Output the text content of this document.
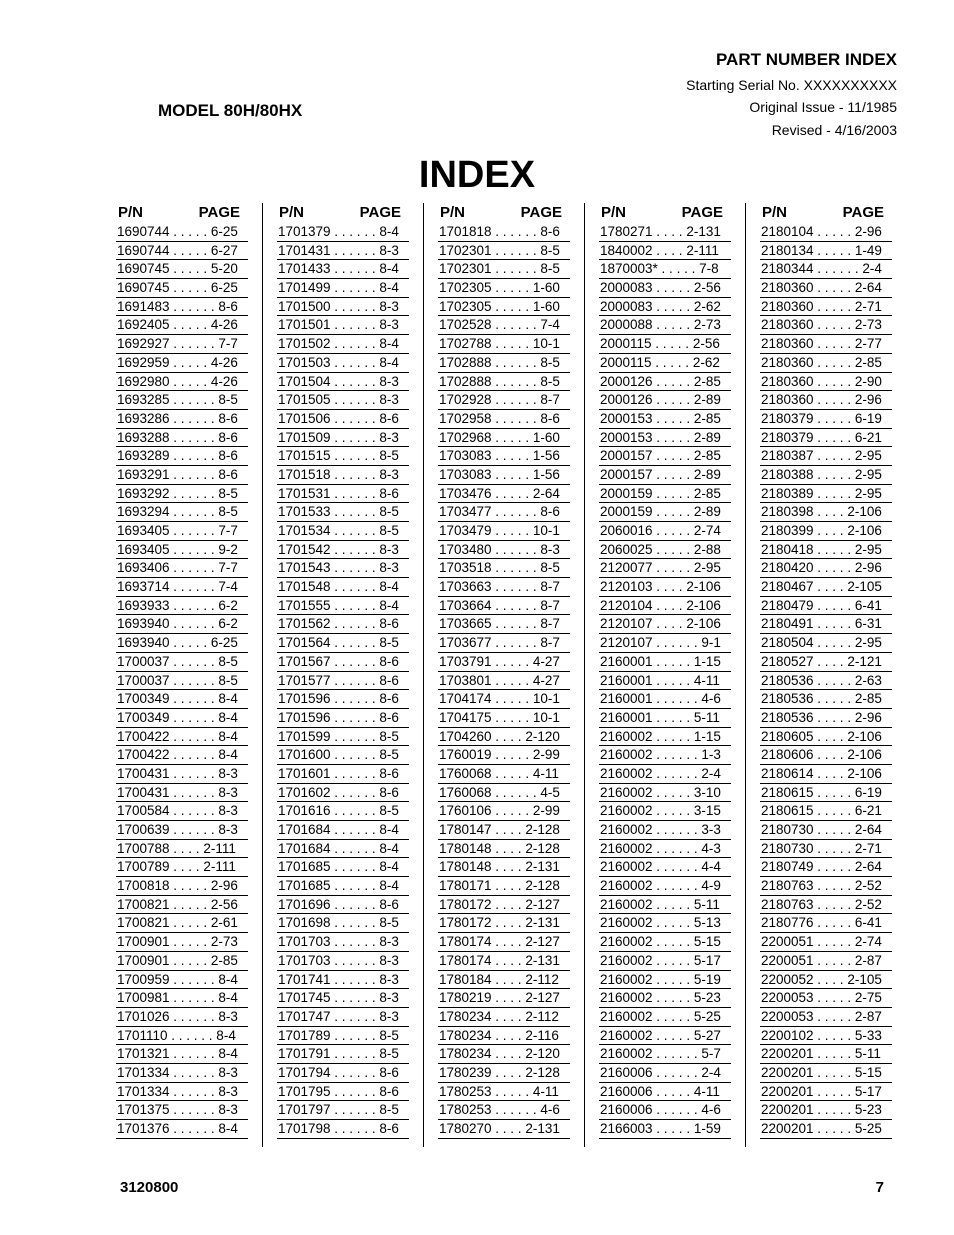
PART NUMBER INDEX
Starting Serial No. XXXXXXXXXX
Original Issue - 11/1985
Revised - 4/16/2003
MODEL 80H/80HX
INDEX
P/N	PAGE
1690744 . . . . . 6-25
1690744 . . . . . 6-27
1690745 . . . . . 5-20
1690745 . . . . . 6-25
1691483 . . . . . . 8-6
1692405 . . . . . 4-26
1692927 . . . . . . 7-7
1692959 . . . . . 4-26
1692980 . . . . . 4-26
1693285 . . . . . . 8-5
1693286 . . . . . . 8-6
1693288 . . . . . . 8-6
1693289 . . . . . . 8-6
1693291 . . . . . . 8-6
1693292 . . . . . . 8-5
1693294 . . . . . . 8-5
1693405 . . . . . . 7-7
1693405 . . . . . . 9-2
1693406 . . . . . . 7-7
1693714 . . . . . . 7-4
1693933 . . . . . . 6-2
1693940 . . . . . . 6-2
1693940 . . . . . 6-25
1700037 . . . . . . 8-5
1700037 . . . . . . 8-5
1700349 . . . . . . 8-4
1700349 . . . . . . 8-4
1700422 . . . . . . 8-4
1700422 . . . . . . 8-4
1700431 . . . . . . 8-3
1700431 . . . . . . 8-3
1700584 . . . . . . 8-3
1700639 . . . . . . 8-3
1700788 . . . . 2-111
1700789 . . . . 2-111
1700818 . . . . . 2-96
1700821 . . . . . 2-56
1700821 . . . . . 2-61
1700901 . . . . . 2-73
1700901 . . . . . 2-85
1700959 . . . . . . 8-4
1700981 . . . . . . 8-4
1701026 . . . . . . 8-3
1701110 . . . . . . 8-4
1701321 . . . . . . 8-4
1701334 . . . . . . 8-3
1701334 . . . . . . 8-3
1701375 . . . . . . 8-3
1701376 . . . . . . 8-4
P/N	PAGE
1701379 . . . . . . 8-4
1701431 . . . . . . 8-3
1701433 . . . . . . 8-4
1701499 . . . . . . 8-4
1701500 . . . . . . 8-3
1701501 . . . . . . 8-3
1701502 . . . . . . 8-4
1701503 . . . . . . 8-4
1701504 . . . . . . 8-3
1701505 . . . . . . 8-3
1701506 . . . . . . 8-6
1701509 . . . . . . 8-3
1701515 . . . . . . 8-5
1701518 . . . . . . 8-3
1701531 . . . . . . 8-6
1701533 . . . . . . 8-5
1701534 . . . . . . 8-5
1701542 . . . . . . 8-3
1701543 . . . . . . 8-3
1701548 . . . . . . 8-4
1701555 . . . . . . 8-4
1701562 . . . . . . 8-6
1701564 . . . . . . 8-5
1701567 . . . . . . 8-6
1701577 . . . . . . 8-6
1701596 . . . . . . 8-6
1701596 . . . . . . 8-6
1701599 . . . . . . 8-5
1701600 . . . . . . 8-5
1701601 . . . . . . 8-6
1701602 . . . . . . 8-6
1701616 . . . . . . 8-5
1701684 . . . . . . 8-4
1701684 . . . . . . 8-4
1701685 . . . . . . 8-4
1701685 . . . . . . 8-4
1701696 . . . . . . 8-6
1701698 . . . . . . 8-5
1701703 . . . . . . 8-3
1701703 . . . . . . 8-3
1701741 . . . . . . 8-3
1701745 . . . . . . 8-3
1701747 . . . . . . 8-3
1701789 . . . . . . 8-5
1701791 . . . . . . 8-5
1701794 . . . . . . 8-6
1701795 . . . . . . 8-6
1701797 . . . . . . 8-5
1701798 . . . . . . 8-6
P/N	PAGE
1701818 . . . . . . 8-6
1702301 . . . . . . 8-5
1702301 . . . . . . 8-5
1702305 . . . . . 1-60
1702305 . . . . . 1-60
1702528 . . . . . . 7-4
1702788 . . . . . 10-1
1702888 . . . . . . 8-5
1702888 . . . . . . 8-5
1702928 . . . . . . 8-7
1702958 . . . . . . 8-6
1702968 . . . . . 1-60
1703083 . . . . . 1-56
1703083 . . . . . 1-56
1703476 . . . . . 2-64
1703477 . . . . . . 8-6
1703479 . . . . . 10-1
1703480 . . . . . . 8-3
1703518 . . . . . . 8-5
1703663 . . . . . . 8-7
1703664 . . . . . . 8-7
1703665 . . . . . . 8-7
1703677 . . . . . . 8-7
1703791 . . . . . 4-27
1703801 . . . . . 4-27
1704174 . . . . . 10-1
1704175 . . . . . 10-1
1704260 . . . . 2-120
1760019 . . . . . 2-99
1760068 . . . . . 4-11
1760068 . . . . . . 4-5
1760106 . . . . . 2-99
1780147 . . . . 2-128
1780148 . . . . 2-128
1780148 . . . . 2-131
1780171 . . . . 2-128
1780172 . . . . 2-127
1780172 . . . . 2-131
1780174 . . . . 2-127
1780174 . . . . 2-131
1780184 . . . . 2-112
1780219 . . . . 2-127
1780234 . . . . 2-112
1780234 . . . . 2-116
1780234 . . . . 2-120
1780239 . . . . 2-128
1780253 . . . . . 4-11
1780253 . . . . . . 4-6
1780270 . . . . 2-131
P/N	PAGE
1780271 . . . . 2-131
1840002 . . . . 2-111
1870003* . . . . . 7-8
2000083 . . . . . 2-56
2000083 . . . . . 2-62
2000088 . . . . . 2-73
2000115 . . . . . 2-56
2000115 . . . . . 2-62
2000126 . . . . . 2-85
2000126 . . . . . 2-89
2000153 . . . . . 2-85
2000153 . . . . . 2-89
2000157 . . . . . 2-85
2000157 . . . . . 2-89
2000159 . . . . . 2-85
2000159 . . . . . 2-89
2060016 . . . . . 2-74
2060025 . . . . . 2-88
2120077 . . . . . 2-95
2120103 . . . . 2-106
2120104 . . . . 2-106
2120107 . . . . 2-106
2120107 . . . . . . 9-1
2160001 . . . . . 1-15
2160001 . . . . . 4-11
2160001 . . . . . . 4-6
2160001 . . . . . 5-11
2160002 . . . . . 1-15
2160002 . . . . . . 1-3
2160002 . . . . . . 2-4
2160002 . . . . . 3-10
2160002 . . . . . 3-15
2160002 . . . . . . 3-3
2160002 . . . . . . 4-3
2160002 . . . . . . 4-4
2160002 . . . . . . 4-9
2160002 . . . . . 5-11
2160002 . . . . . 5-13
2160002 . . . . . 5-15
2160002 . . . . . 5-17
2160002 . . . . . 5-19
2160002 . . . . . 5-23
2160002 . . . . . 5-25
2160002 . . . . . 5-27
2160002 . . . . . . 5-7
2160006 . . . . . . 2-4
2160006 . . . . . 4-11
2160006 . . . . . . 4-6
2166003 . . . . . 1-59
P/N	PAGE
2180104 . . . . . 2-96
2180134 . . . . . 1-49
2180344 . . . . . . 2-4
2180360 . . . . . 2-64
2180360 . . . . . 2-71
2180360 . . . . . 2-73
2180360 . . . . . 2-77
2180360 . . . . . 2-85
2180360 . . . . . 2-90
2180360 . . . . . 2-96
2180379 . . . . . 6-19
2180379 . . . . . 6-21
2180387 . . . . . 2-95
2180388 . . . . . 2-95
2180389 . . . . . 2-95
2180398 . . . . 2-106
2180399 . . . . 2-106
2180418 . . . . . 2-95
2180420 . . . . . 2-96
2180467 . . . . 2-105
2180479 . . . . . 6-41
2180491 . . . . . 6-31
2180504 . . . . . 2-95
2180527 . . . . 2-121
2180536 . . . . . 2-63
2180536 . . . . . 2-85
2180536 . . . . . 2-96
2180605 . . . . 2-106
2180606 . . . . 2-106
2180614 . . . . 2-106
2180615 . . . . . 6-19
2180615 . . . . . 6-21
2180730 . . . . . 2-64
2180730 . . . . . 2-71
2180749 . . . . . 2-64
2180763 . . . . . 2-52
2180763 . . . . . 2-52
2180776 . . . . . 6-41
2200051 . . . . . 2-74
2200051 . . . . . 2-87
2200052 . . . . 2-105
2200053 . . . . . 2-75
2200053 . . . . . 2-87
2200102 . . . . . 5-33
2200201 . . . . . 5-11
2200201 . . . . . 5-15
2200201 . . . . . 5-17
2200201 . . . . . 5-23
2200201 . . . . . 5-25
3120800	7
